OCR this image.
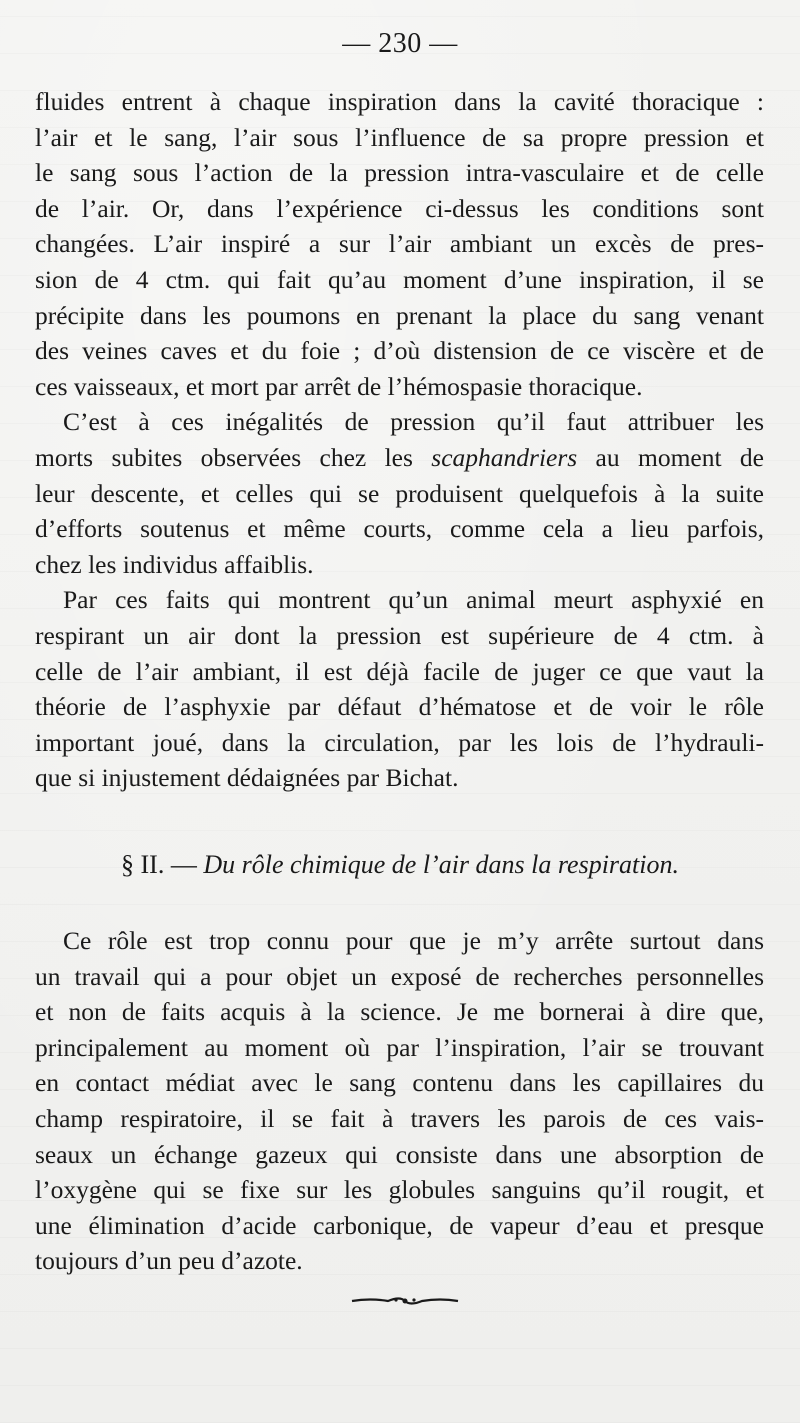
— 230 —
fluides entrent à chaque inspiration dans la cavité thoracique :
l’air et le sang, l’air sous l’influence de sa propre pression et
le sang sous l’action de la pression intra-vasculaire et de celle
de l’air. Or, dans l’expérience ci-dessus les conditions sont
changées. L’air inspiré a sur l’air ambiant un excès de pres-
sion de 4 ctm. qui fait qu’au moment d’une inspiration, il se
précipite dans les poumons en prenant la place du sang venant
des veines caves et du foie ; d’où distension de ce viscère et de
ces vaisseaux, et mort par arrêt de l’hémospasie thoracique.
C’est à ces inégalités de pression qu’il faut attribuer les
morts subites observées chez les scaphandriers au moment de
leur descente, et celles qui se produisent quelquefois à la suite
d’efforts soutenus et même courts, comme cela a lieu parfois,
chez les individus affaiblis.
Par ces faits qui montrent qu’un animal meurt asphyxié en
respirant un air dont la pression est supérieure de 4 ctm. à
celle de l’air ambiant, il est déjà facile de juger ce que vaut la
théorie de l’asphyxie par défaut d’hématose et de voir le rôle
important joué, dans la circulation, par les lois de l’hydrauli-
que si injustement dédaignées par Bichat.
§ II. — Du rôle chimique de l’air dans la respiration.
Ce rôle est trop connu pour que je m’y arrête surtout dans
un travail qui a pour objet un exposé de recherches personnelles
et non de faits acquis à la science. Je me bornerai à dire que,
principalement au moment où par l’inspiration, l’air se trouvant
en contact médiat avec le sang contenu dans les capillaires du
champ respiratoire, il se fait à travers les parois de ces vais-
seaux un échange gazeux qui consiste dans une absorption de
l’oxygène qui se fixe sur les globules sanguins qu’il rougit, et
une élimination d’acide carbonique, de vapeur d’eau et presque
toujours d’un peu d’azote.
